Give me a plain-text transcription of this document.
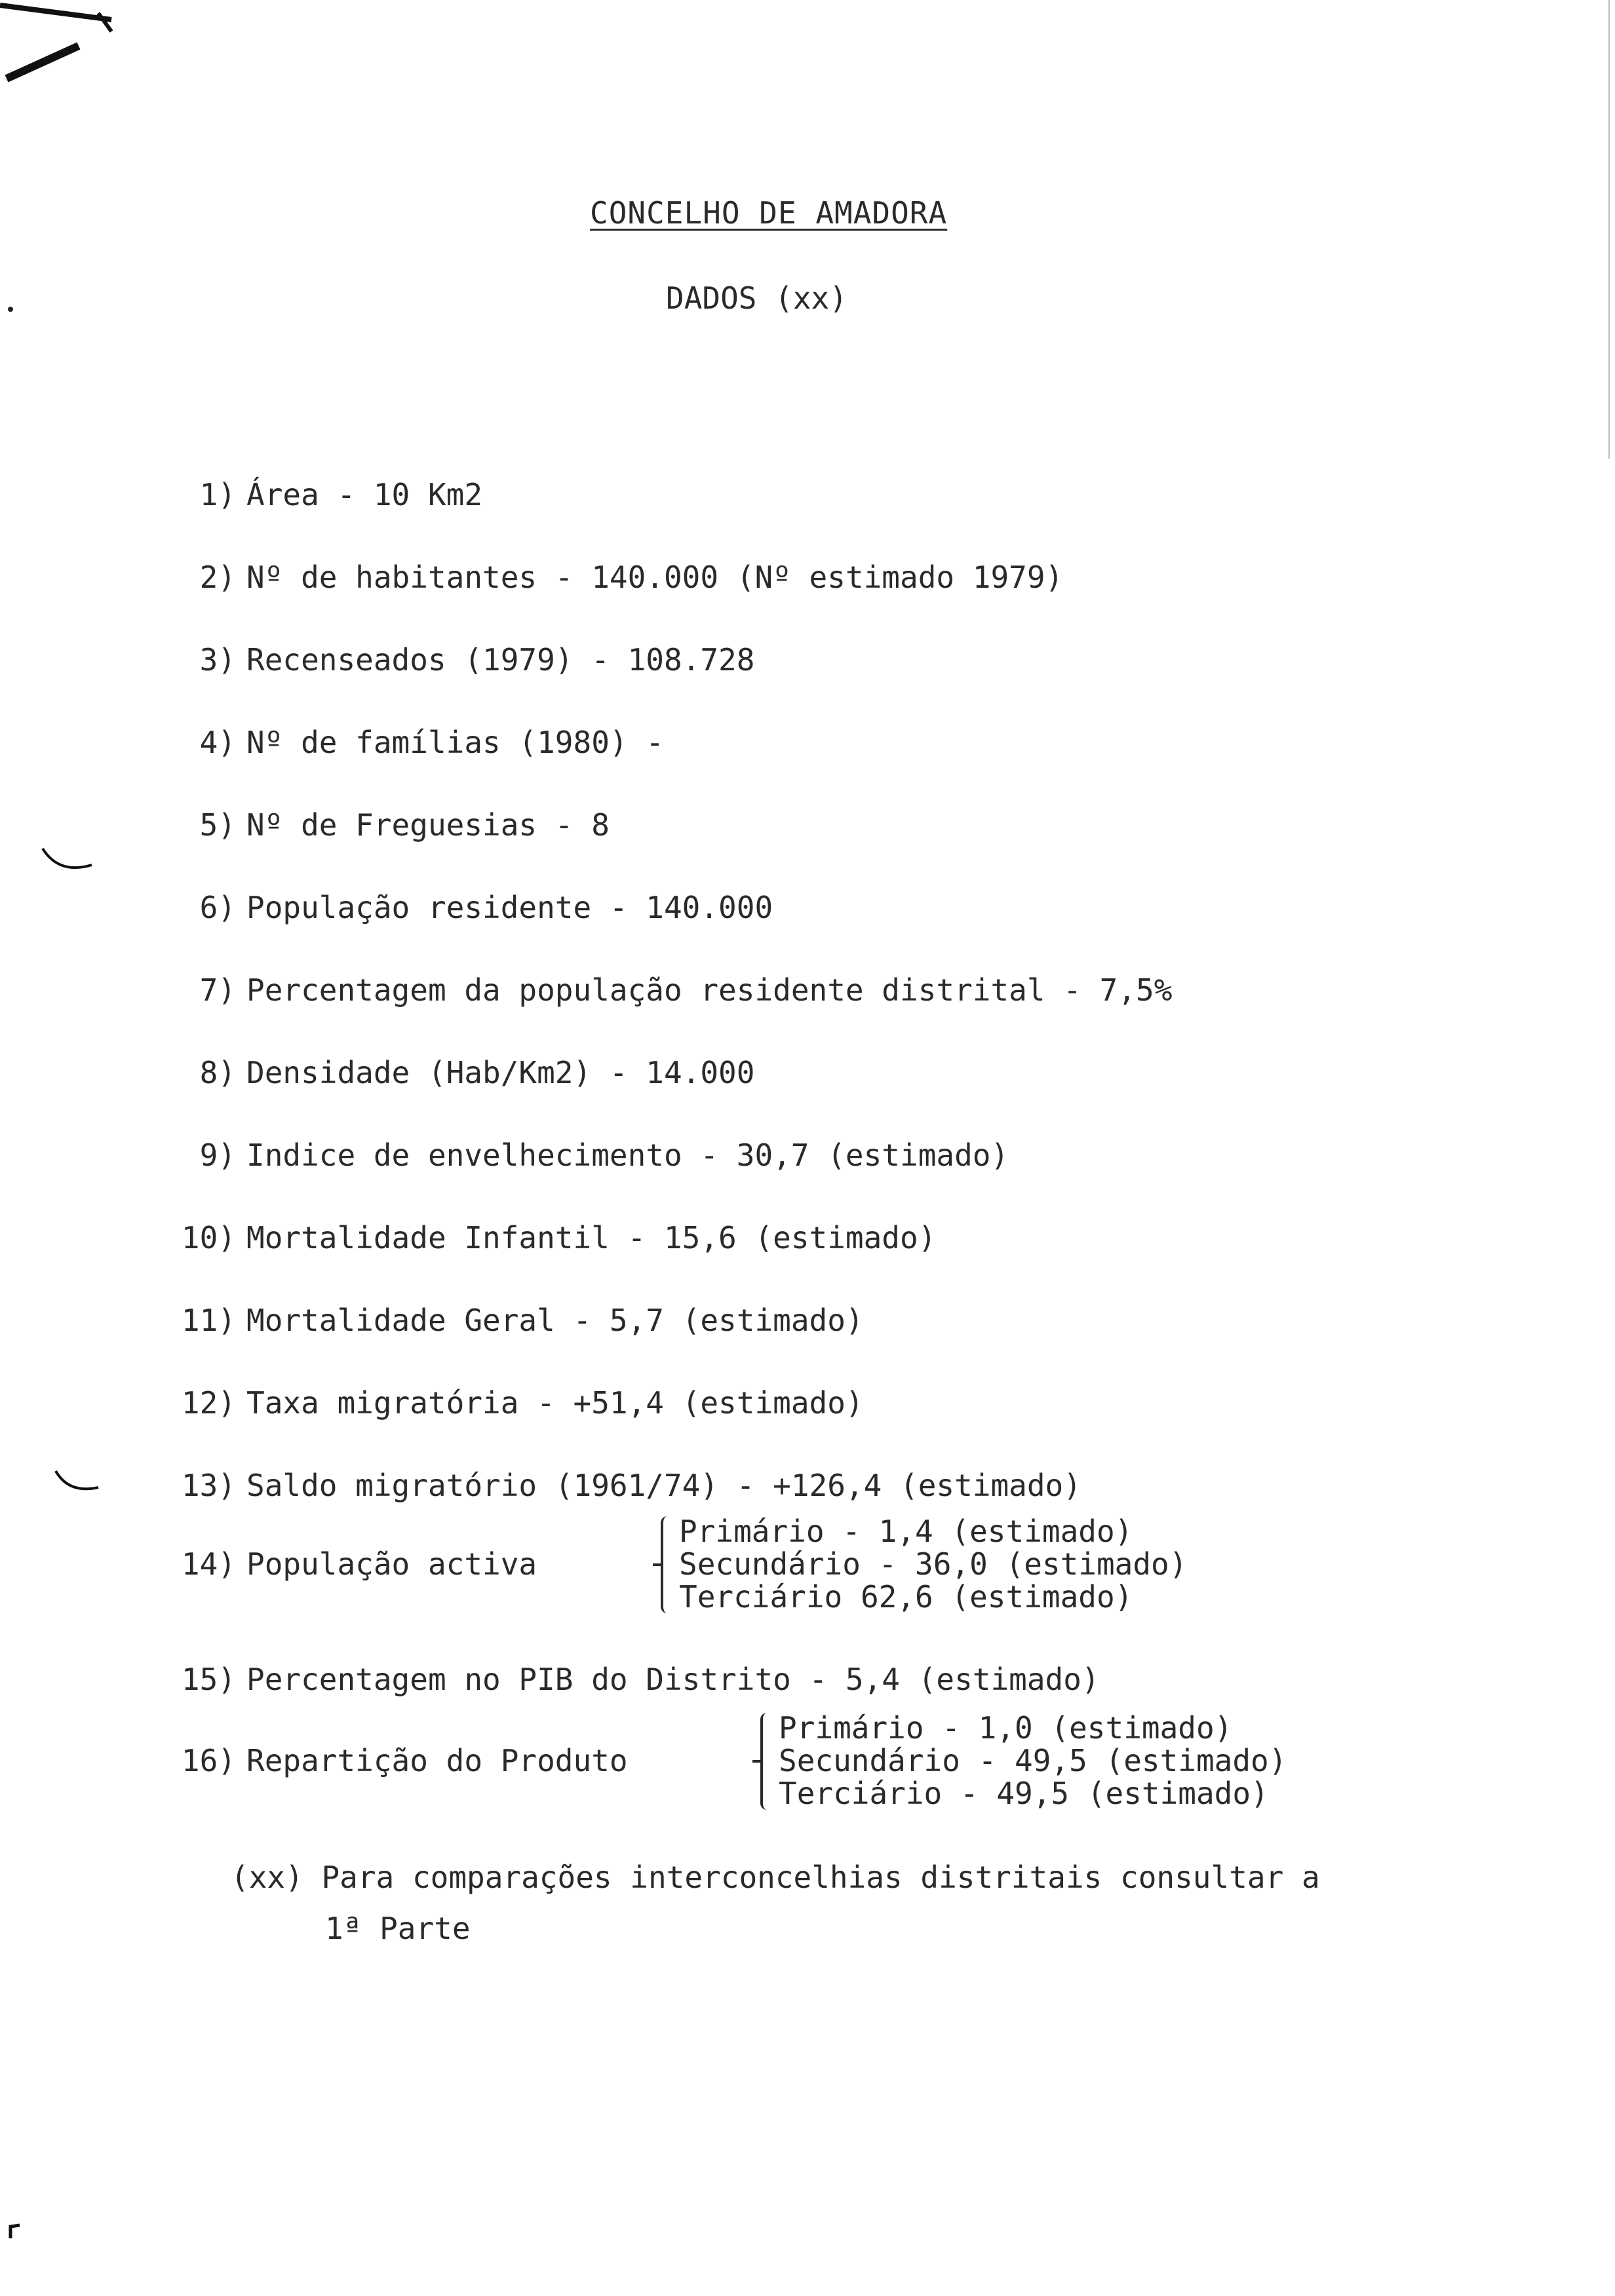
CONCELHO DE AMADORA
DADOS (xx)
1) Área - 10 Km2
2) Nº de habitantes - 140.000 (Nº estimado 1979)
3) Recenseados (1979) - 108.728
4) Nº de famílias (1980) -
5) Nº de Freguesias - 8
6) População residente - 140.000
7) Percentagem da população residente distrital - 7,5%
8) Densidade (Hab/Km2) - 14.000
9) Indice de envelhecimento - 30,7 (estimado)
10) Mortalidade Infantil - 15,6 (estimado)
11) Mortalidade Geral - 5,7 (estimado)
12) Taxa migratória - +51,4 (estimado)
13) Saldo migratório (1961/74) - +126,4 (estimado)
14) População activa
Primário - 1,4 (estimado)
Secundário - 36,0 (estimado)
Terciário 62,6 (estimado)
15) Percentagem no PIB do Distrito - 5,4 (estimado)
16) Repartição do Produto
Primário - 1,0 (estimado)
Secundário - 49,5 (estimado)
Terciário - 49,5 (estimado)
(xx) Para comparações interconcelhias distritais consultar a
1ª Parte
